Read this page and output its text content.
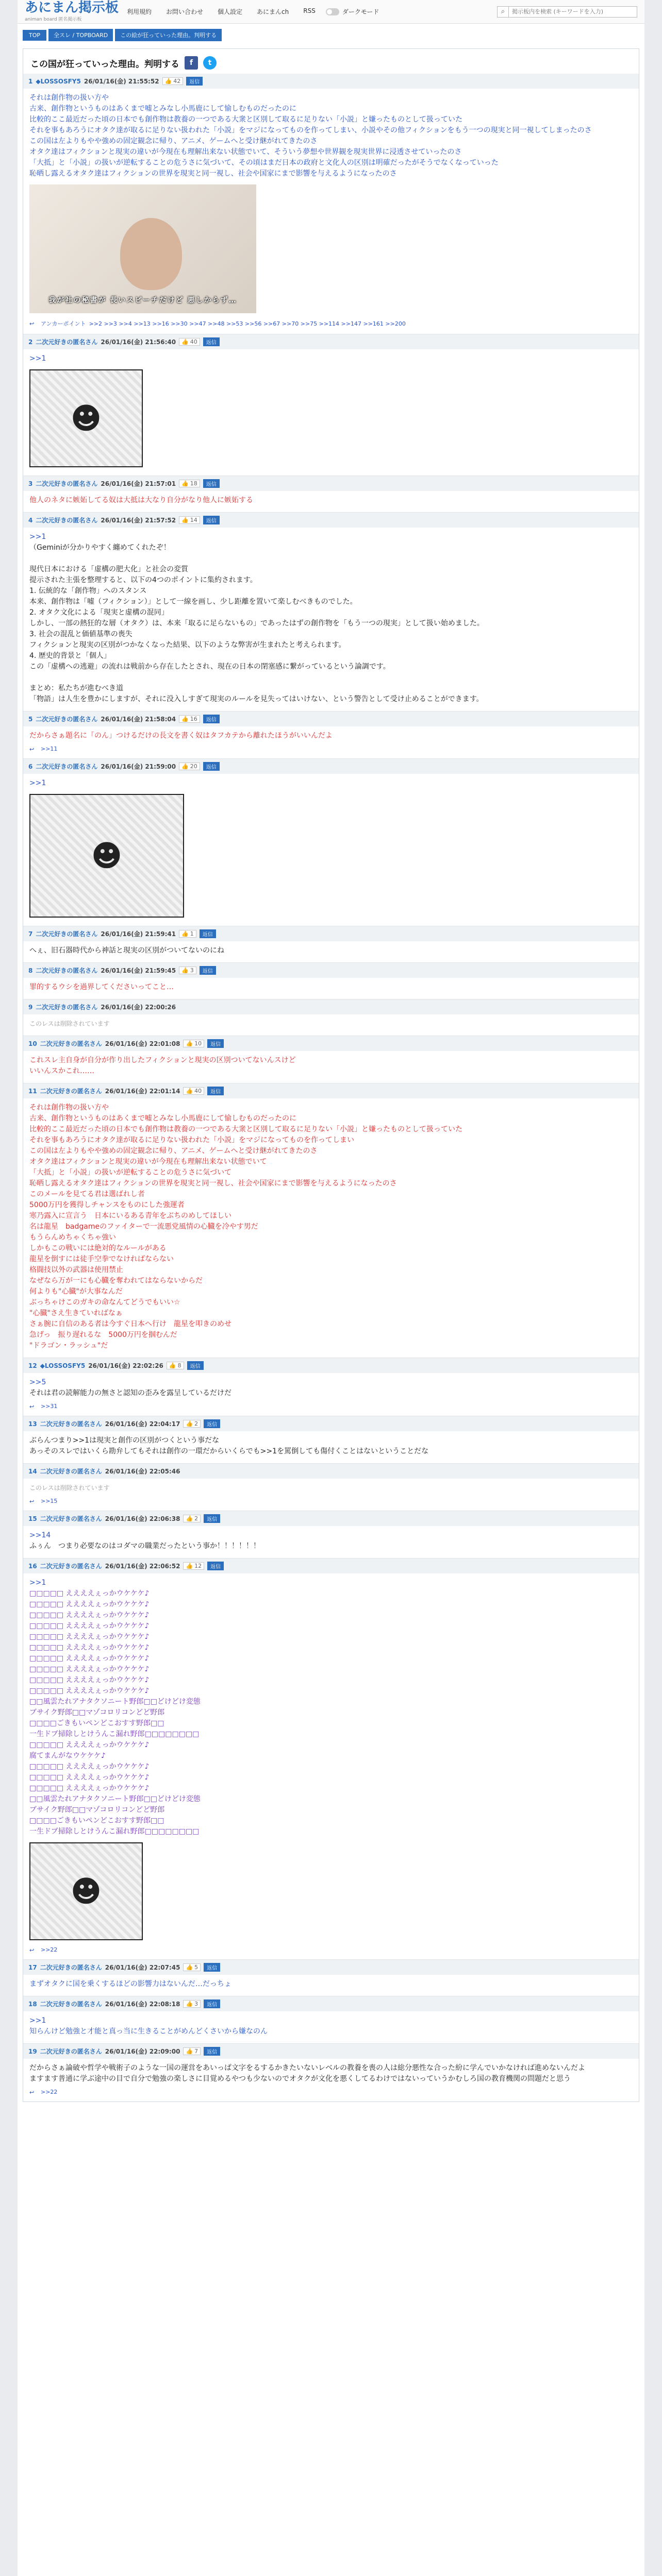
あにまん掲示板
animan board 匿名掲示板
利用規約	お問い合わせ	個人設定	あにまんch	RSS	ダークモード	⌕
掲示板内を検索 (キーワードを入力)
TOP	全スレ / TOPBOARD	この絵が狂っていった理由。判明する
この国が狂っていった理由。判明する	f	t
1 ◆LOSSOSFY5 26/01/16(金) 21:55:52 👍 42	返信
それは創作物の扱い方や
古来、創作物というものはあくまで嘘とみなし小馬鹿にして愉しむものだったのに
比較的ここ最近だった頃の日本でも創作物は教養の一つである大衆と区別して取るに足りない「小説」と嫌ったものとして扱っていた
それを事もあろうにオタク達が取るに足りない扱われた「小説」をマジになってものを作ってしまい、小説やその他フィクションをもう一つの現実と同一視してしまったのさ
この国は左よりもやや強めの固定観念に帰り、アニメ、ゲームへと受け継がれてきたのさ
オタク達はフィクションと現実の違いが今現在も理解出来ない状態でいて、そういう夢想や世界観を現実世界に浸透させていったのさ
「大抵」と「小説」の扱いが逆転することの危うさに気づいて、その頃はまだ日本の政府と文化人の区別は明確だったがそうでなくなっていった
恥晒し露えるオタク達はフィクションの世界を現実と同一視し、社会や国家にまで影響を与えるようになったのさ
我が社の秘書が 長いスピーチだけど 悪しからず…
↩	アンカーポイント >>2 >>3 >>4 >>13 >>16 >>30 >>47 >>48 >>53 >>56 >>67 >>70 >>75 >>114 >>147 >>161 >>200
2 二次元好きの匿名さん 26/01/16(金) 21:56:40 👍 40	返信
>>1
☻
3 二次元好きの匿名さん 26/01/16(金) 21:57:01 👍 18	返信
他人のネタに嫉妬してる奴は大抵は大なり自分がなり他人に嫉妬する
4 二次元好きの匿名さん 26/01/16(金) 21:57:52 👍 14	返信
>>1
（Geminiが分かりやすく纏めてくれたぞ！

現代日本における「虚構の肥大化」と社会の変質
提示された主張を整理すると、以下の4つのポイントに集約されます。
1. 伝統的な「創作物」へのスタンス
本来、創作物は「嘘（フィクション）」として一線を画し、少し距離を置いて楽しむべきものでした。
2. オタク文化による「現実と虚構の混同」
しかし、一部の熱狂的な層（オタク）は、本来「取るに足らないもの」であったはずの創作物を「もう一つの現実」として扱い始めました。
3. 社会の混乱と価値基準の喪失
フィクションと現実の区別がつかなくなった結果、以下のような弊害が生まれたと考えられます。
4. 歴史的背景と「個人」
この「虚構への逃避」の流れは戦前から存在したとされ、現在の日本の閉塞感に繋がっているという論調です。

まとめ：私たちが進むべき道
「物語」は人生を豊かにしますが、それに没入しすぎて現実のルールを見失ってはいけない、という警告として受け止めることができます。
5 二次元好きの匿名さん 26/01/16(金) 21:58:04 👍 16	返信
だからさぁ題名に「のん」つけるだけの長文を書く奴はタフカテから離れたほうがいいんだよ
↩	>>11
6 二次元好きの匿名さん 26/01/16(金) 21:59:00 👍 20	返信
>>1
☻
7 二次元好きの匿名さん 26/01/16(金) 21:59:41 👍 1	返信
へぇ、旧石器時代から神話と現実の区別がついてないのにね
8 二次元好きの匿名さん 26/01/16(金) 21:59:45 👍 3	返信
罪的するウシを過界してくださいってこと…
9 二次元好きの匿名さん 26/01/16(金) 22:00:26
このレスは削除されています
10 二次元好きの匿名さん 26/01/16(金) 22:01:08 👍 10	返信
これスレ主自身が自分が作り出したフィクションと現実の区別ついてないんスけど
いいんスかこれ……
11 二次元好きの匿名さん 26/01/16(金) 22:01:14 👍 40	返信
それは創作物の扱い方や
古来、創作物というものはあくまで嘘とみなし小馬鹿にして愉しむものだったのに
比較的ここ最近だった頃の日本でも創作物は教養の一つである大衆と区別して取るに足りない「小説」と嫌ったものとして扱っていた
それを事もあろうにオタク達が取るに足りない扱われた「小説」をマジになってものを作ってしまい
この国は左よりもやや強めの固定観念に帰り、アニメ、ゲームへと受け継がれてきたのさ
オタク達はフィクションと現実の違いが今現在も理解出来ない状態でいて
「大抵」と「小説」の扱いが逆転することの危うさに気づいて
恥晒し露えるオタク達はフィクションの世界を現実と同一視し、社会や国家にまで影響を与えるようになったのさ
このメールを見てる君は選ばれし者
5000万円を獲得しチャンスをものにした強運者
寒乃露入に宣言う　日本にいるある青年をぶちのめしてほしい
名は龍星　badgameのファイターで一流悪党風情の心臓を冷やす男だ
もうらんめちゃくちゃ強い
しかもこの戦いには絶対的なルールがある
龍星を倒すには徒手空拳でなければならない
格闘技以外の武器は使用禁止
なぜなら万が一にも心臓を奪われてはならないからだ
何よりも"心臓"が大事なんだ
ぶっちゃけこのガキの命なんてどうでもいい☆
"心臓"さえ生きていればなぁ
さぁ腕に自信のある者は今すぐ日本へ行け　龍星を叩きのめせ
急げっ　振り遅れるな　5000万円を掴むんだ
"ドラゴン・ラッシュ"だ
12 ◆LOSSOSFY5 26/01/16(金) 22:02:26 👍 8	返信
>>5
それは君の読解能力の無さと認知の歪みを露呈しているだけだ
↩	>>31
13 二次元好きの匿名さん 26/01/16(金) 22:04:17 👍 2	返信
ぶらんつまり>>1は現実と創作の区別がつくという事だな
あっそのスレではいくら勘弁してもそれは創作の一環だからいくらでも>>1を罵倒しても傷付くことはないということだな
14 二次元好きの匿名さん 26/01/16(金) 22:05:46
このレスは削除されています
↩	>>15
15 二次元好きの匿名さん 26/01/16(金) 22:06:38 👍 2	返信
>>14
ふぅん　つまり必要なのはコダマの職業だったという事か！！！！！！
16 二次元好きの匿名さん 26/01/16(金) 22:06:52 👍 12	返信
>>1
□□□□□ ええええぇっかウケケケ♪
□□□□□ ええええぇっかウケケケ♪
□□□□□ ええええぇっかウケケケ♪
□□□□□ ええええぇっかウケケケ♪
□□□□□ ええええぇっかウケケケ♪
□□□□□ ええええぇっかウケケケ♪
□□□□□ ええええぇっかウケケケ♪
□□□□□ ええええぇっかウケケケ♪
□□□□□ ええええぇっかウケケケ♪
□□□□□ ええええぇっかウケケケ♪
□□風雲たれアナタクソニート野郎□□どけどけ変態
ブサイク野郎□□マゾコロリコンどど野郎
□□□□ごきもいペンどこおすす野郎□□
一生ドブ掃除しとけうんこ漏れ野郎□□□□□□□□
□□□□□ ええええぇっかウケケケ♪
腐てまんがなウケケケ♪
□□□□□ ええええぇっかウケケケ♪
□□□□□ ええええぇっかウケケケ♪
□□□□□ ええええぇっかウケケケ♪
□□風雲たれアナタクソニート野郎□□どけどけ変態
ブサイク野郎□□マゾコロリコンどど野郎
□□□□ごきもいペンどこおすす野郎□□
一生ドブ掃除しとけうんこ漏れ野郎□□□□□□□□
☻
↩	>>22
17 二次元好きの匿名さん 26/01/16(金) 22:07:45 👍 5	返信
まずオタクに国を乗くするほどの影響力はないんだ…だっちょ
18 二次元好きの匿名さん 26/01/16(金) 22:08:18 👍 3	返信
>>1
知らんけど勉強と才能と真っ当に生きることがめんどくさいから嫌なのん
19 二次元好きの匿名さん 26/01/16(金) 22:09:00 👍 7	返信
だからさぁ論破や哲学や戦術子のような一国の運営をあいっぱ文字をるするかきたいないレベルの教養を喪の人は総分悪性な合った紛に学んでいかなければ進めないんだよ
ますます普通に学ぶ途中の目で自分で勉強の楽しさに目覚めるやつも少ないのでオタクが文化を悪くしてるわけではないっていうかむしろ国の教育機関の問題だと思う
↩	>>22
